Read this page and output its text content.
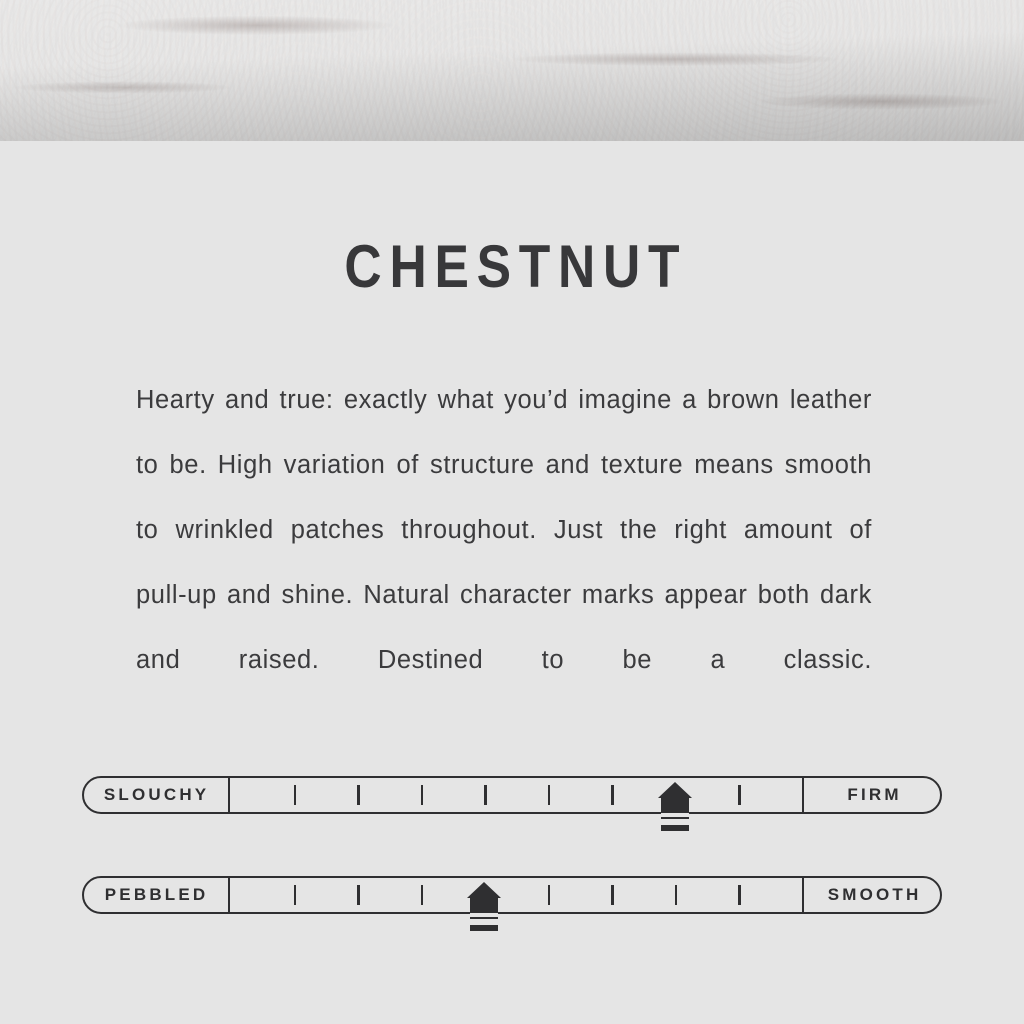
CHESTNUT
Hearty and true: exactly what you’d imagine a brown leather to be. High variation of structure and texture means smooth to wrinkled patches throughout. Just the right amount of pull-up and shine. Natural character marks appear both dark and raised. Destined to be a classic.
SLOUCHY	FIRM
PEBBLED	SMOOTH
